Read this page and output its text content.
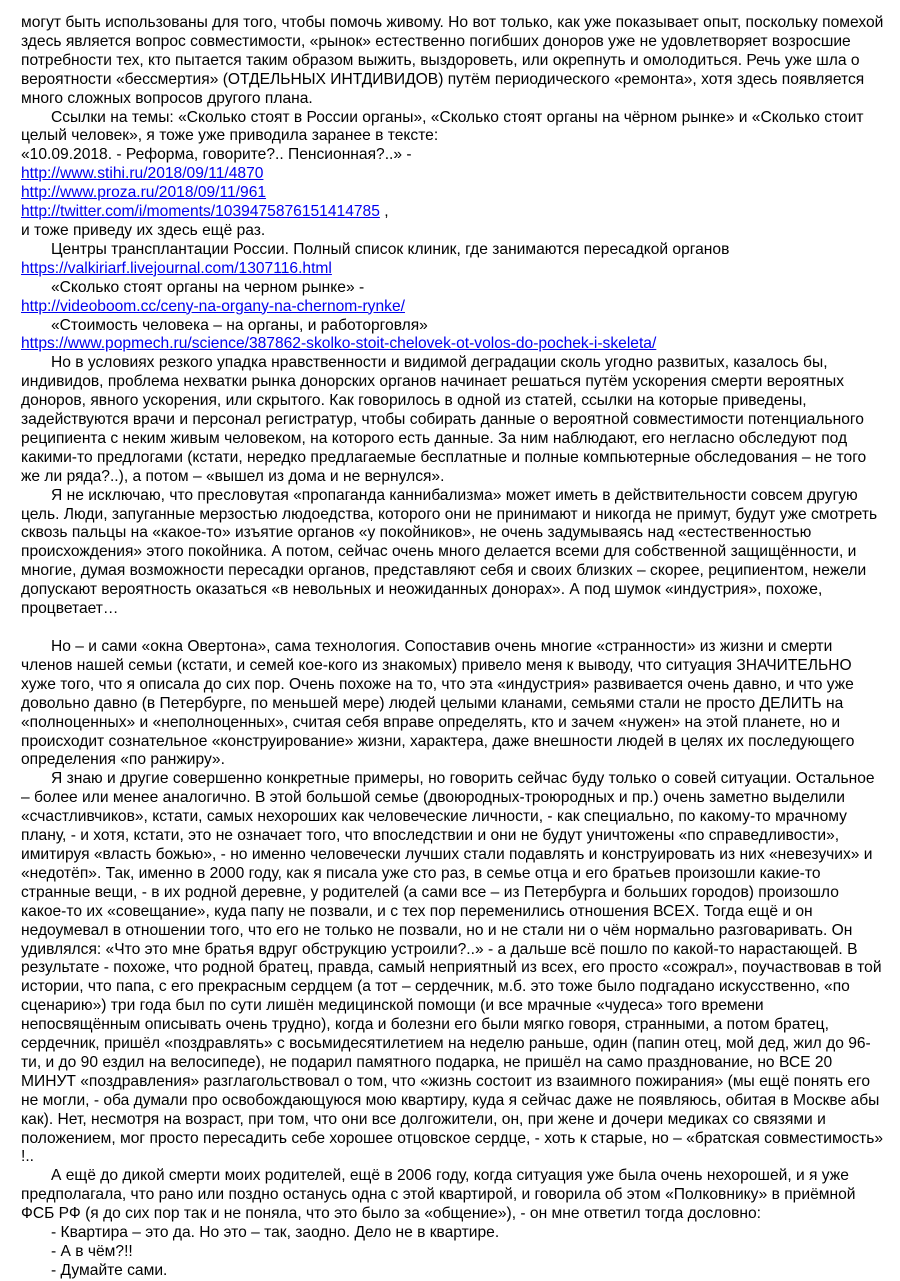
могут быть использованы для того, чтобы помочь живому. Но вот только, как уже показывает опыт, поскольку помехой здесь является вопрос совместимости, «рынок» естественно погибших доноров уже не удовлетворяет возросшие потребности тех, кто пытается таким образом выжить, выздороветь, или окрепнуть и омолодиться. Речь уже шла о вероятности «бессмертия» (ОТДЕЛЬНЫХ ИНТДИВИДОВ) путём периодического «ремонта», хотя здесь появляется много сложных вопросов другого плана.

Ссылки на темы: «Сколько стоят в России органы», «Сколько стоят органы на чёрном рынке» и «Сколько стоит целый человек», я тоже уже приводила заранее в тексте:

«10.09.2018. - Реформа, говорите?.. Пенсионная?..» -

http://www.stihi.ru/2018/09/11/4870

http://www.proza.ru/2018/09/11/961

http://twitter.com/i/moments/1039475876151414785 ,

и тоже приведу их здесь ещё раз.

Центры трансплантации России. Полный список клиник, где занимаются пересадкой органов

https://valkiriarf.livejournal.com/1307116.html

«Сколько стоят органы на черном рынке» -

http://videoboom.cc/ceny-na-organy-na-chernom-rynke/

«Стоимость человека – на органы, и работорговля»

https://www.popmech.ru/science/387862-skolko-stoit-chelovek-ot-volos-do-pochek-i-skeleta/

Но в условиях резкого упадка нравственности и видимой деградации сколь угодно развитых, казалось бы, индивидов, проблема нехватки рынка донорских органов начинает решаться путём ускорения смерти вероятных доноров, явного ускорения, или скрытого. Как говорилось в одной из статей, ссылки на которые приведены, задействуются врачи и персонал регистратур, чтобы собирать данные о вероятной совместимости потенциального реципиента с неким живым человеком, на которого есть данные. За ним наблюдают, его негласно обследуют под какими-то предлогами (кстати, нередко предлагаемые бесплатные и полные компьютерные обследования – не того же ли ряда?..), а потом – «вышел из дома и не вернулся».

Я не исключаю, что пресловутая «пропаганда каннибализма» может иметь в действительности совсем другую цель. Люди, запуганные мерзостью людоедства, которого они не принимают и никогда не примут, будут уже смотреть сквозь пальцы на «какое-то» изъятие органов «у покойников», не очень задумываясь над «естественностью происхождения» этого покойника. А потом, сейчас очень много делается всеми для собственной защищённости, и многие, думая возможности пересадки органов, представляют себя и своих близких – скорее, реципиентом, нежели допускают вероятность оказаться «в невольных и неожиданных донорах». А под шумок «индустрия», похоже, процветает…

Но – и сами «окна Овертона», сама технология. Сопоставив очень многие «странности» из жизни и смерти членов нашей семьи (кстати, и семей кое-кого из знакомых) привело меня к выводу, что ситуация ЗНАЧИТЕЛЬНО хуже того, что я описала до сих пор. Очень похоже на то, что эта «индустрия» развивается очень давно, и что уже довольно давно (в Петербурге, по меньшей мере) людей целыми кланами, семьями стали не просто ДЕЛИТЬ на «полноценных» и «неполноценных», считая себя вправе определять, кто и зачем «нужен» на этой планете, но и происходит сознательное «конструирование» жизни, характера, даже внешности людей в целях их последующего определения «по ранжиру».

Я знаю и другие совершенно конкретные примеры, но говорить сейчас буду только о совей ситуации. Остальное – более или менее аналогично. В этой большой семье (двоюродных-троюродных и пр.) очень заметно выделили «счастливчиков», кстати, самых нехороших как человеческие личности, - как специально, по какому-то мрачному плану, - и хотя, кстати, это не означает того, что впоследствии и они не будут уничтожены «по справедливости», имитируя «власть божью», - но именно человечески лучших стали подавлять и конструировать из них «невезучих» и «недотёп». Так, именно в 2000 году, как я писала уже сто раз, в семье отца и его братьев произошли какие-то странные вещи, - в их родной деревне, у родителей (а сами все – из Петербурга и больших городов) произошло какое-то их «совещание», куда папу не позвали, и с тех пор переменились отношения ВСЕХ. Тогда ещё и он недоумевал в отношении того, что его не только не позвали, но и не стали ни о чём нормально разговаривать. Он удивлялся: «Что это мне братья вдруг обструкцию устроили?..» - а дальше всё пошло по какой-то нарастающей. В результате - похоже, что родной братец, правда, самый неприятный из всех, его просто «сожрал», поучаствовав в той истории, что папа, с его прекрасным сердцем (а тот – сердечник, м.б. это тоже было подгадано искусственно, «по сценарию») три года был по сути лишён медицинской помощи (и все мрачные «чудеса» того времени непосвящённым описывать очень трудно), когда и болезни его были мягко говоря, странными, а потом братец, сердечник, пришёл «поздравлять» с восьмидесятилетием на неделю раньше, один (папин отец, мой дед, жил до 96-ти, и до 90 ездил на велосипеде), не подарил памятного подарка, не пришёл на само празднование, но ВСЕ 20 МИНУТ «поздравления» разглагольствовал о том, что «жизнь состоит из взаимного пожирания» (мы ещё понять его не могли, - оба думали про освобождающуюся мою квартиру, куда я сейчас даже не появляюсь, обитая в Москве абы как). Нет, несмотря на возраст, при том, что они все долгожители, он, при жене и дочери медиках со связями и положением, мог просто пересадить себе хорошее отцовское сердце, - хоть к старые, но – «братская совместимость» !..

А ещё до дикой смерти моих родителей, ещё в 2006 году, когда ситуация уже была очень нехорошей, и я уже предполагала, что рано или поздно останусь одна с этой квартирой, и говорила об этом «Полковнику» в приёмной ФСБ РФ (я до сих пор так и не поняла, что это было за «общение»), - он мне ответил тогда дословно:

- Квартира – это да. Но это – так, заодно. Дело не в квартире.

- А в чём?!!

- Думайте сами.
